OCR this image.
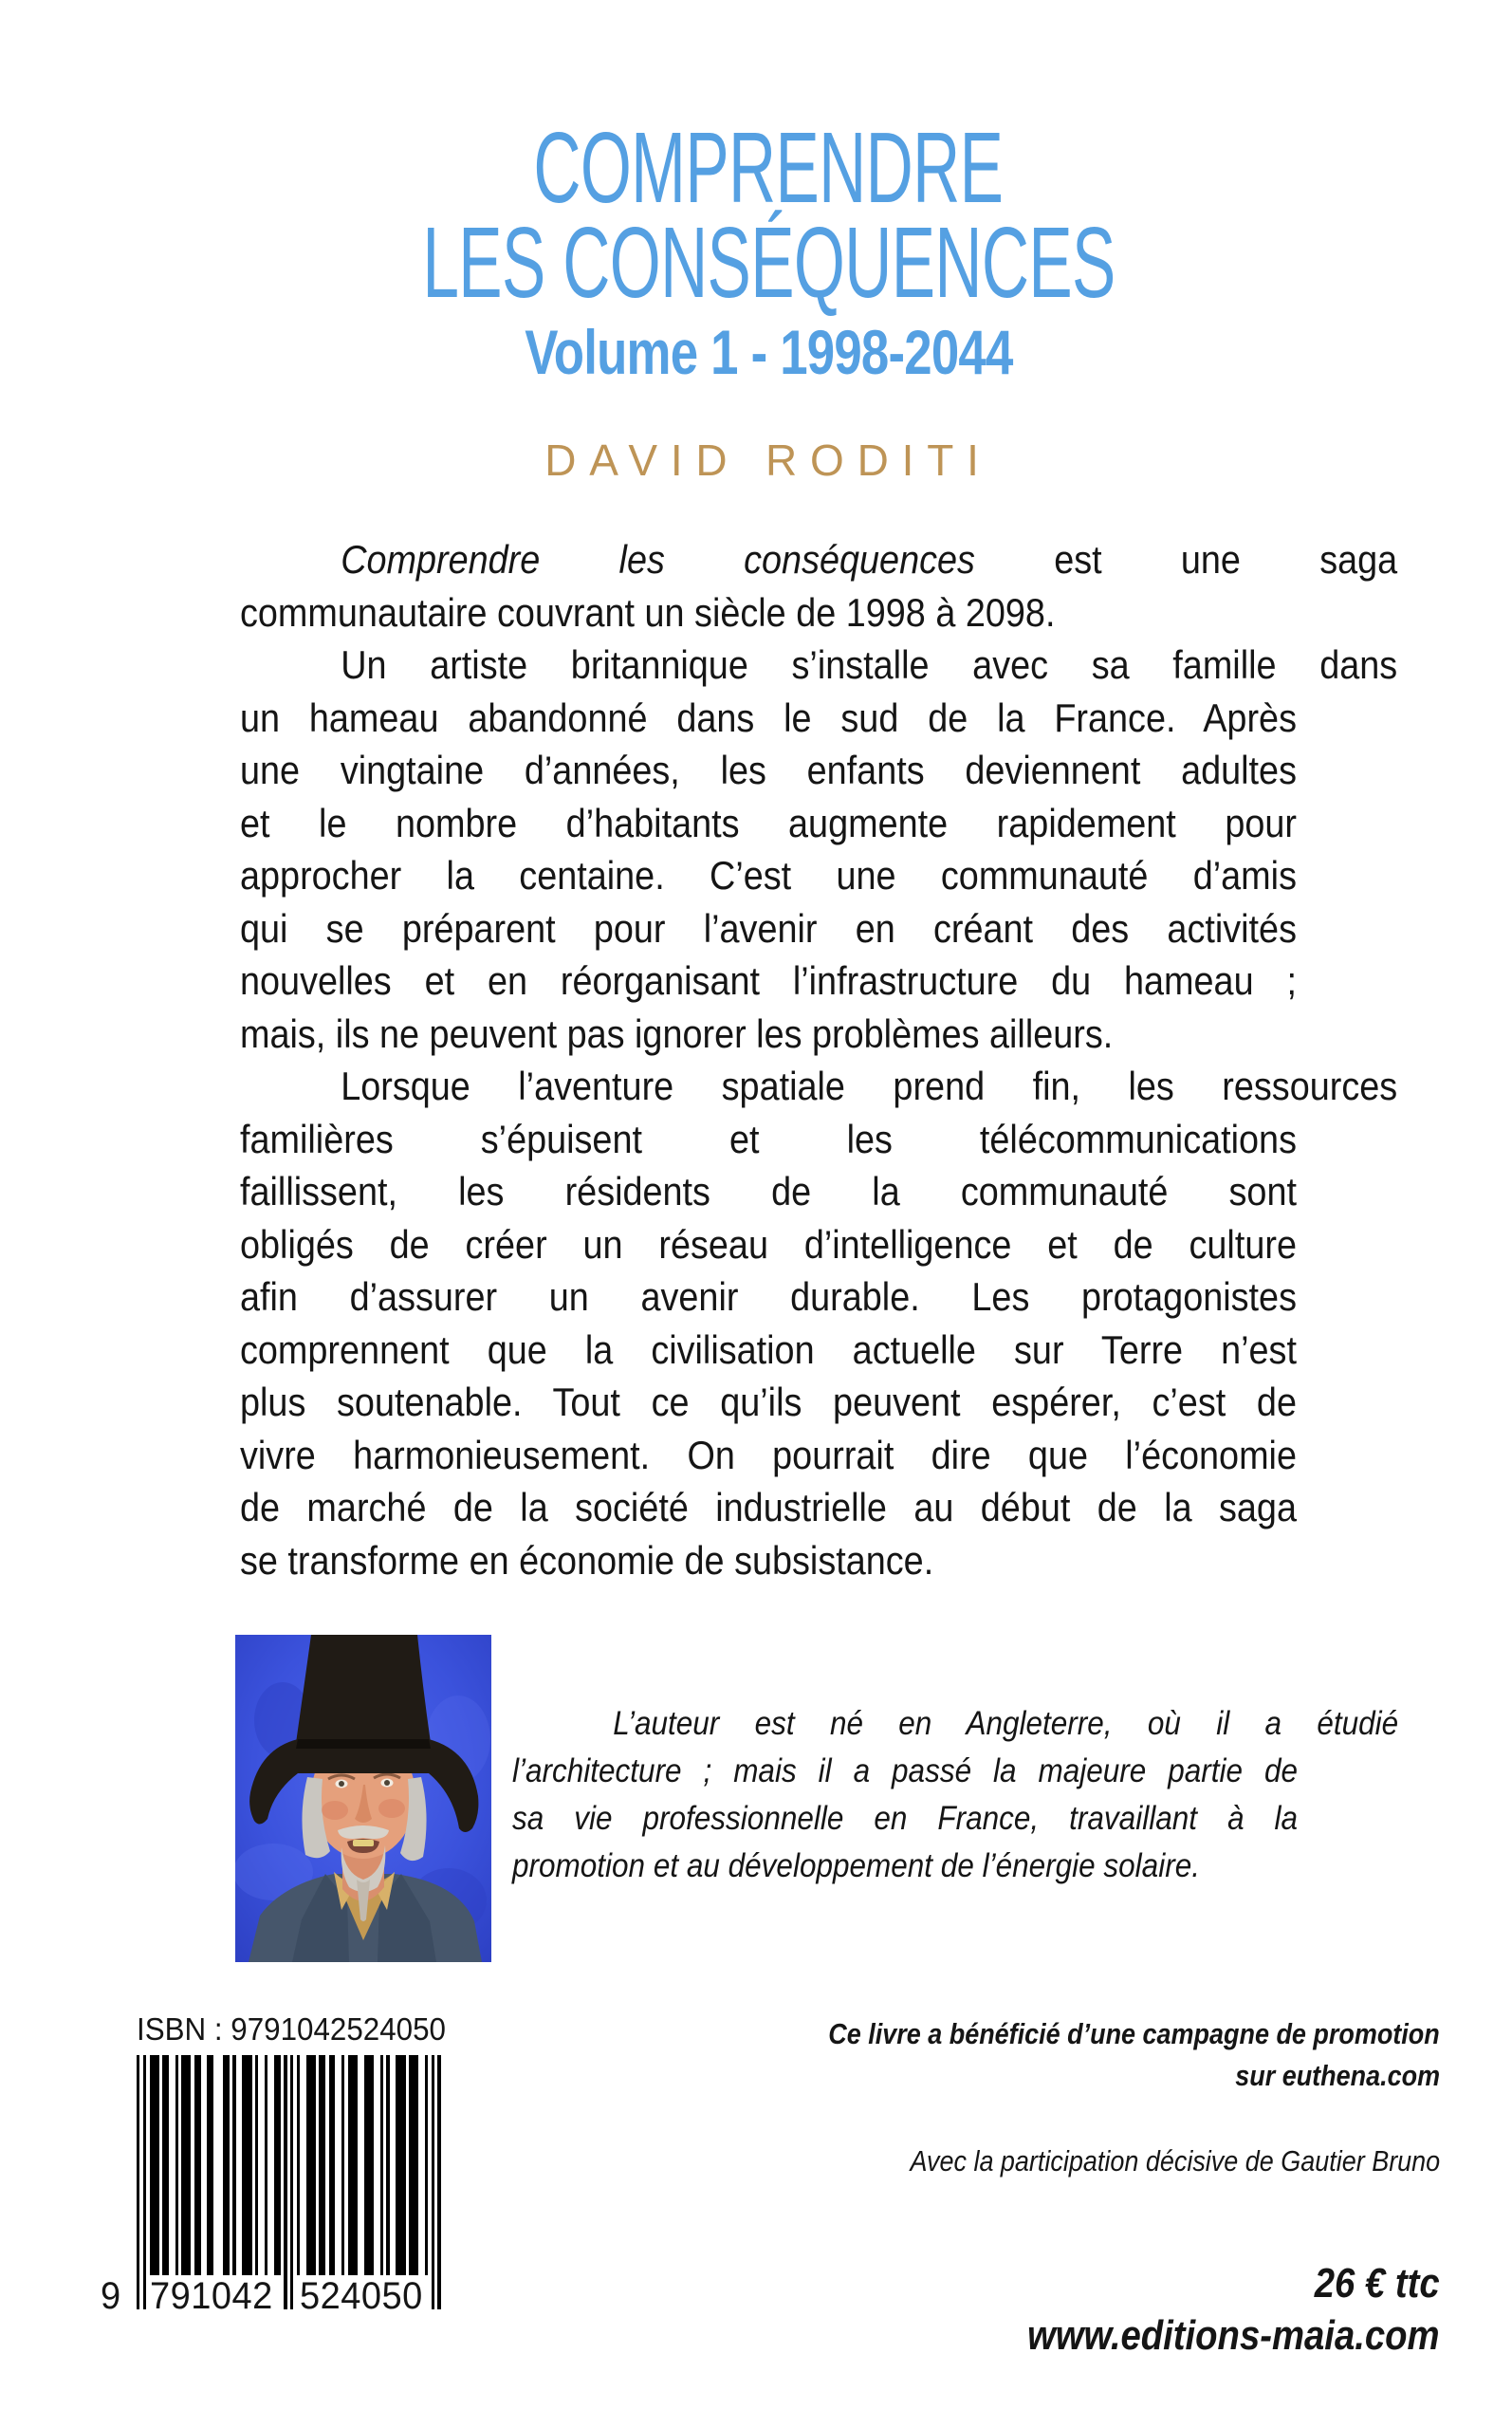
COMPRENDRE
LES CONSÉQUENCES
Volume 1 - 1998-2044
DAVID RODITI
Comprendre les conséquences est une saga
communautaire couvrant un siècle de 1998 à 2098.
Un artiste britannique s’installe avec sa famille dans
un hameau abandonné dans le sud de la France. Après
une vingtaine d’années, les enfants deviennent adultes
et le nombre d’habitants augmente rapidement pour
approcher la centaine. C’est une communauté d’amis
qui se préparent pour l’avenir en créant des activités
nouvelles et en réorganisant l’infrastructure du hameau ;
mais, ils ne peuvent pas ignorer les problèmes ailleurs.
Lorsque l’aventure spatiale prend fin, les ressources
familières s’épuisent et les télécommunications
faillissent, les résidents de la communauté sont
obligés de créer un réseau d’intelligence et de culture
afin d’assurer un avenir durable. Les protagonistes
comprennent que la civilisation actuelle sur Terre n’est
plus soutenable. Tout ce qu’ils peuvent espérer, c’est de
vivre harmonieusement. On pourrait dire que l’économie
de marché de la société industrielle au début de la saga
se transforme en économie de subsistance.
L’auteur est né en Angleterre, où il a étudié
l’architecture ; mais il a passé la majeure partie de
sa vie professionnelle en France, travaillant à la
promotion et au développement de l’énergie solaire.
ISBN : 9791042524050
9 7 9 1 0 4 2 5 2 4 0 5 0
Ce livre a bénéficié d’une campagne de promotion
sur euthena.com
Avec la participation décisive de Gautier Bruno
26 € ttc
www.editions-maia.com
